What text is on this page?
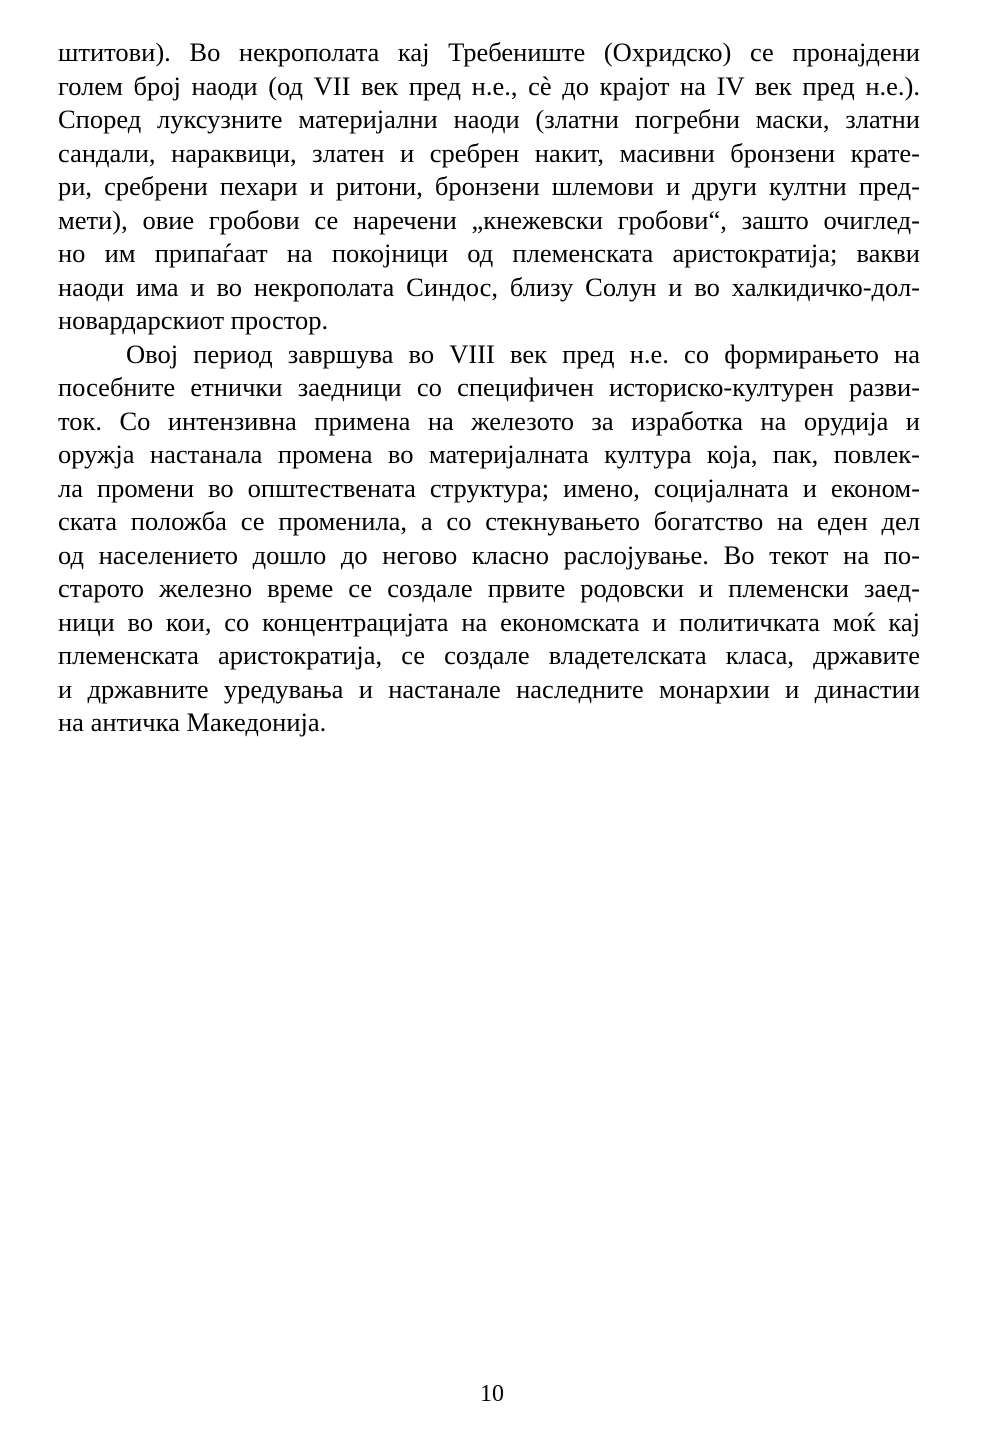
штитови). Во некрополата кај Требениште (Охридско) се пронајдени
голем број наоди (од VII век пред н.е., сè до крајот на IV век пред н.е.).
Според луксузните материјални наоди (златни погребни маски, златни
сандали, нараквици, златен и сребрен накит, масивни бронзени крате-
ри, сребрени пехари и ритони, бронзени шлемови и други култни пред-
мети), овие гробови се наречени „кнежевски гробови“, зашто очиглед-
но им припаѓаат на покојници од племенската аристократија; вакви
наоди има и во некрополата Синдос, близу Солун и во халкидичко-дол-
новардарскиот простор.
Овој период завршува во VIII век пред н.е. со формирањето на
посебните етнички заедници со специфичен историско-културен разви-
ток. Со интензивна примена на железото за изработка на орудија и
оружја настанала промена во материјалната култура која, пак, повлек-
ла промени во општествената структура; имено, социјалната и економ-
ската положба се променила, а со стекнувањето богатство на еден дел
од населението дошло до негово класно раслојување. Во текот на по-
старото железно време се создале првите родовски и племенски заед-
ници во кои, со концентрацијата на економската и политичката моќ кај
племенската аристократија, се создале владетелската класа, државите
и државните уредувања и настанале наследните монархии и династии
на античка Македонија.
10
